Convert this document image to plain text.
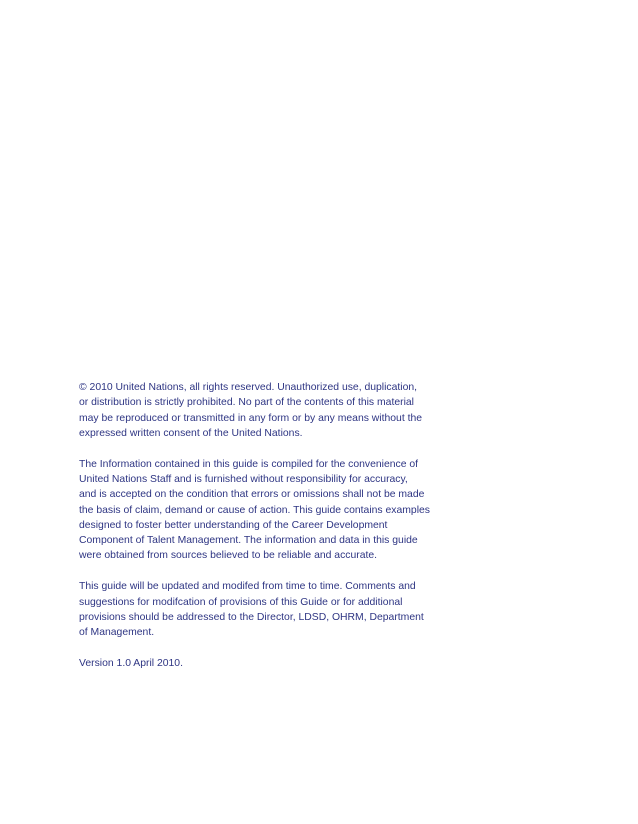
© 2010 United Nations, all rights reserved. Unauthorized use, duplication,
or distribution is strictly prohibited. No part of the contents of this material
may be reproduced or transmitted in any form or by any means without the
expressed written consent of the United Nations.

The Information contained in this guide is compiled for the convenience of
United Nations Staff and is furnished without responsibility for accuracy,
and is accepted on the condition that errors or omissions shall not be made
the basis of claim, demand or cause of action. This guide contains examples
designed to foster better understanding of the Career Development
Component of Talent Management. The information and data in this guide
were obtained from sources believed to be reliable and accurate.

This guide will be updated and modifed from time to time. Comments and
suggestions for modifcation of provisions of this Guide or for additional
provisions should be addressed to the Director, LDSD, OHRM, Department
of Management.

Version 1.0 April 2010.
